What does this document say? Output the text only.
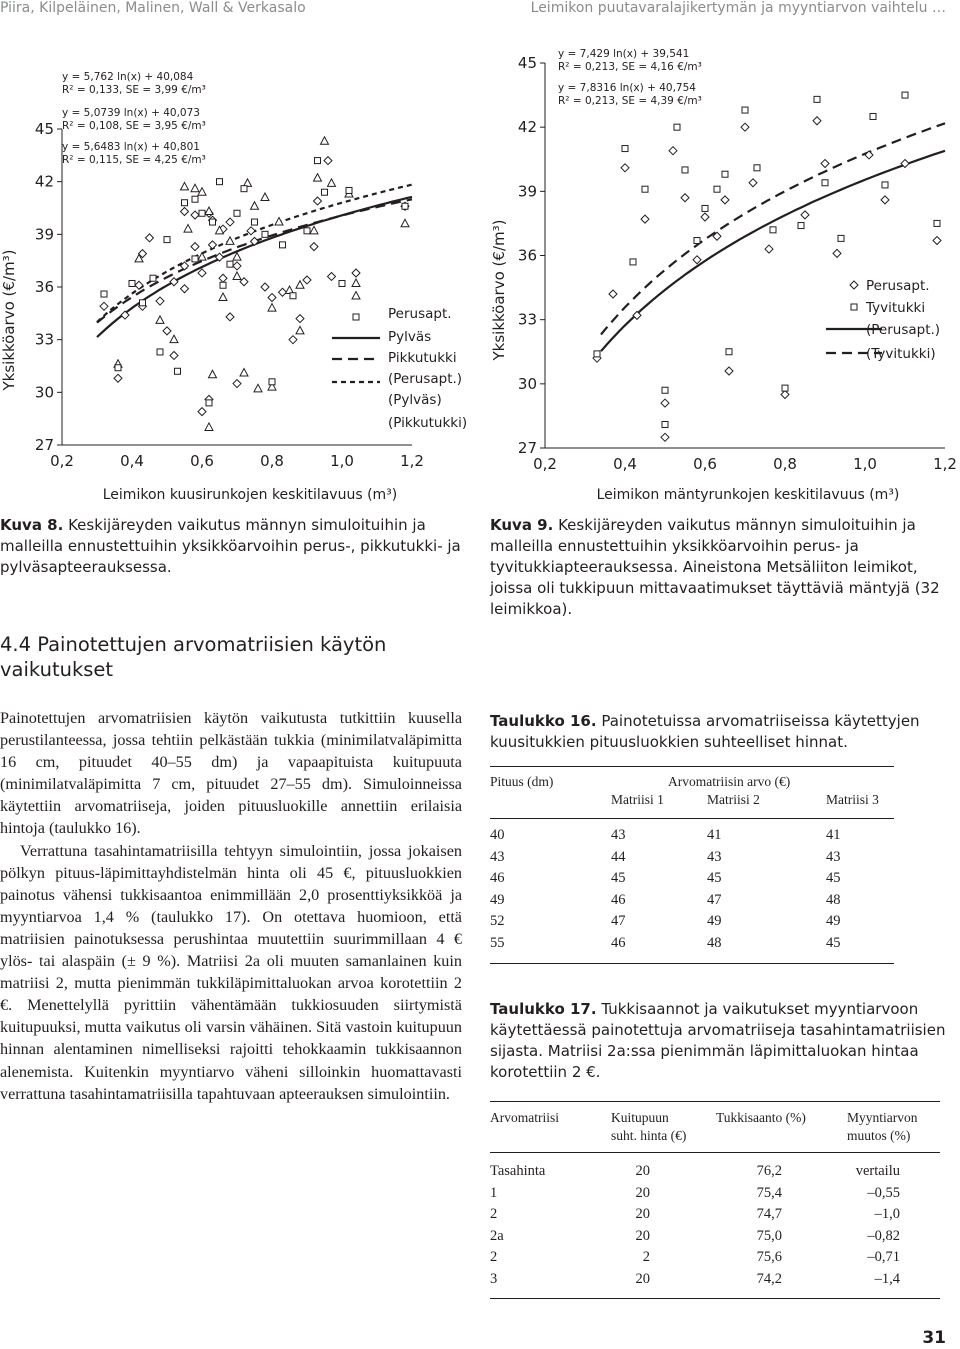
Piira, Kilpeläinen, Malinen, Wall & Verkasalo	Leimikon puutavaralajikertymän ja myyntiarvon vaihtelu …
Yksikköarvo (€/m³)
Leimikon kuusirunkojen keskitilavuus (m³)
y = 5,762 ln(x) + 40,084
R² = 0,133, SE = 3,99 €/m³
y = 5,0739 ln(x) + 40,073
R² = 0,108, SE = 3,95 €/m³
y = 5,6483 ln(x) + 40,801
R² = 0,115, SE = 4,25 €/m³
Perusapt.
Pylväs
Pikkutukki
(Perusapt.)
(Pylväs)
(Pikkutukki)
27
30
33
36
39
42
45
0,2	0,4	0,6	0,8	1,0	1,2
Yksikköarvo (€/m³)
Leimikon mäntyrunkojen keskitilavuus (m³)
y = 7,429 ln(x) + 39,541
R² = 0,213, SE = 4,16 €/m³
y = 7,8316 ln(x) + 40,754
R² = 0,213, SE = 4,39 €/m³
Perusapt.
Tyvitukki
(Perusapt.)
(Tyvitukki)
27
30
33
36
39
42
45
0,2	0,4	0,6	0,8	1,0	1,2
Kuva 8. Keskijäreyden vaikutus männyn simuloituihin ja malleilla ennustettuihin yksikköarvoihin perus-, pikkutukki- ja pylväsapteerauksessa.
Kuva 9. Keskijäreyden vaikutus männyn simuloituihin ja malleilla ennustettuihin yksikköarvoihin perus- ja tyvitukkiapteerauksessa. Aineistona Metsäliiton leimikot, joissa oli tukkipuun mittavaatimukset täyttäviä mäntyjä (32 leimikkoa).
4.4 Painotettujen arvomatriisien käytön vaikutukset

Painotettujen arvomatriisien käytön vaikutusta tutkittiin kuusella perustilanteessa, jossa tehtiin pelkästään tukkia (minimilatvaläpimitta 16 cm, pituudet 40–55 dm) ja vapaapituista kuitupuuta (minimilatvaläpimitta 7 cm, pituudet 27–55 dm). Simuloinneissa käytettiin arvomatriiseja, joiden pituusluokille annettiin erilaisia hintoja (taulukko 16).

Verrattuna tasahintamatriisilla tehtyyn simulointiin, jossa jokaisen pölkyn pituus-läpimittayhdistelmän hinta oli 45 €, pituusluokkien painotus vähensi tukkisaantoa enimmillään 2,0 prosenttiyksikköä ja myyntiarvoa 1,4 % (taulukko 17). On otettava huomioon, että matriisien painotuksessa perushintaa muutettiin suurimmillaan 4 € ylös- tai alaspäin (± 9 %). Matriisi 2a oli muuten samanlainen kuin matriisi 2, mutta pienimmän tukkiläpimittaluokan arvoa korotettiin 2 €. Menettelyllä pyrittiin vähentämään tukkiosuuden siirtymistä kuitupuuksi, mutta vaikutus oli varsin vähäinen. Sitä vastoin kuitupuun hinnan alentaminen nimelliseksi rajoitti tehokkaamin tukkisaannon alenemista. Kuitenkin myyntiarvo väheni silloinkin huomattavasti verrattuna tasahintamatriisilla tapahtuvaan apteerauksen simulointiin.

Taulukko 16. Painotetuissa arvomatriiseissa käytettyjen kuusitukkien pituusluokkien suhteelliset hinnat.
Pituus (dm)	Arvomatriisin arvo (€)
Matriisi 1	Matriisi 2	Matriisi 3
40	43	41	41
43	44	43	43
46	45	45	45
49	46	47	48
52	47	49	49
55	46	48	45
Taulukko 17. Tukkisaannot ja vaikutukset myyntiarvoon käytettäessä painotettuja arvomatriiseja tasahintamatriisien sijasta. Matriisi 2a:ssa pienimmän läpimittaluokan hintaa korotettiin 2 €.
Arvomatriisi	Kuitupuun	Tukkisaanto (%)	Myyntiarvon
suht. hinta (€)	muutos (%)
Tasahinta	20	76,2	vertailu
1	20	75,4	–0,55
2	20	74,7	–1,0
2a	20	75,0	–0,82
2	2	75,6	–0,71
3	20	74,2	–1,4
31
